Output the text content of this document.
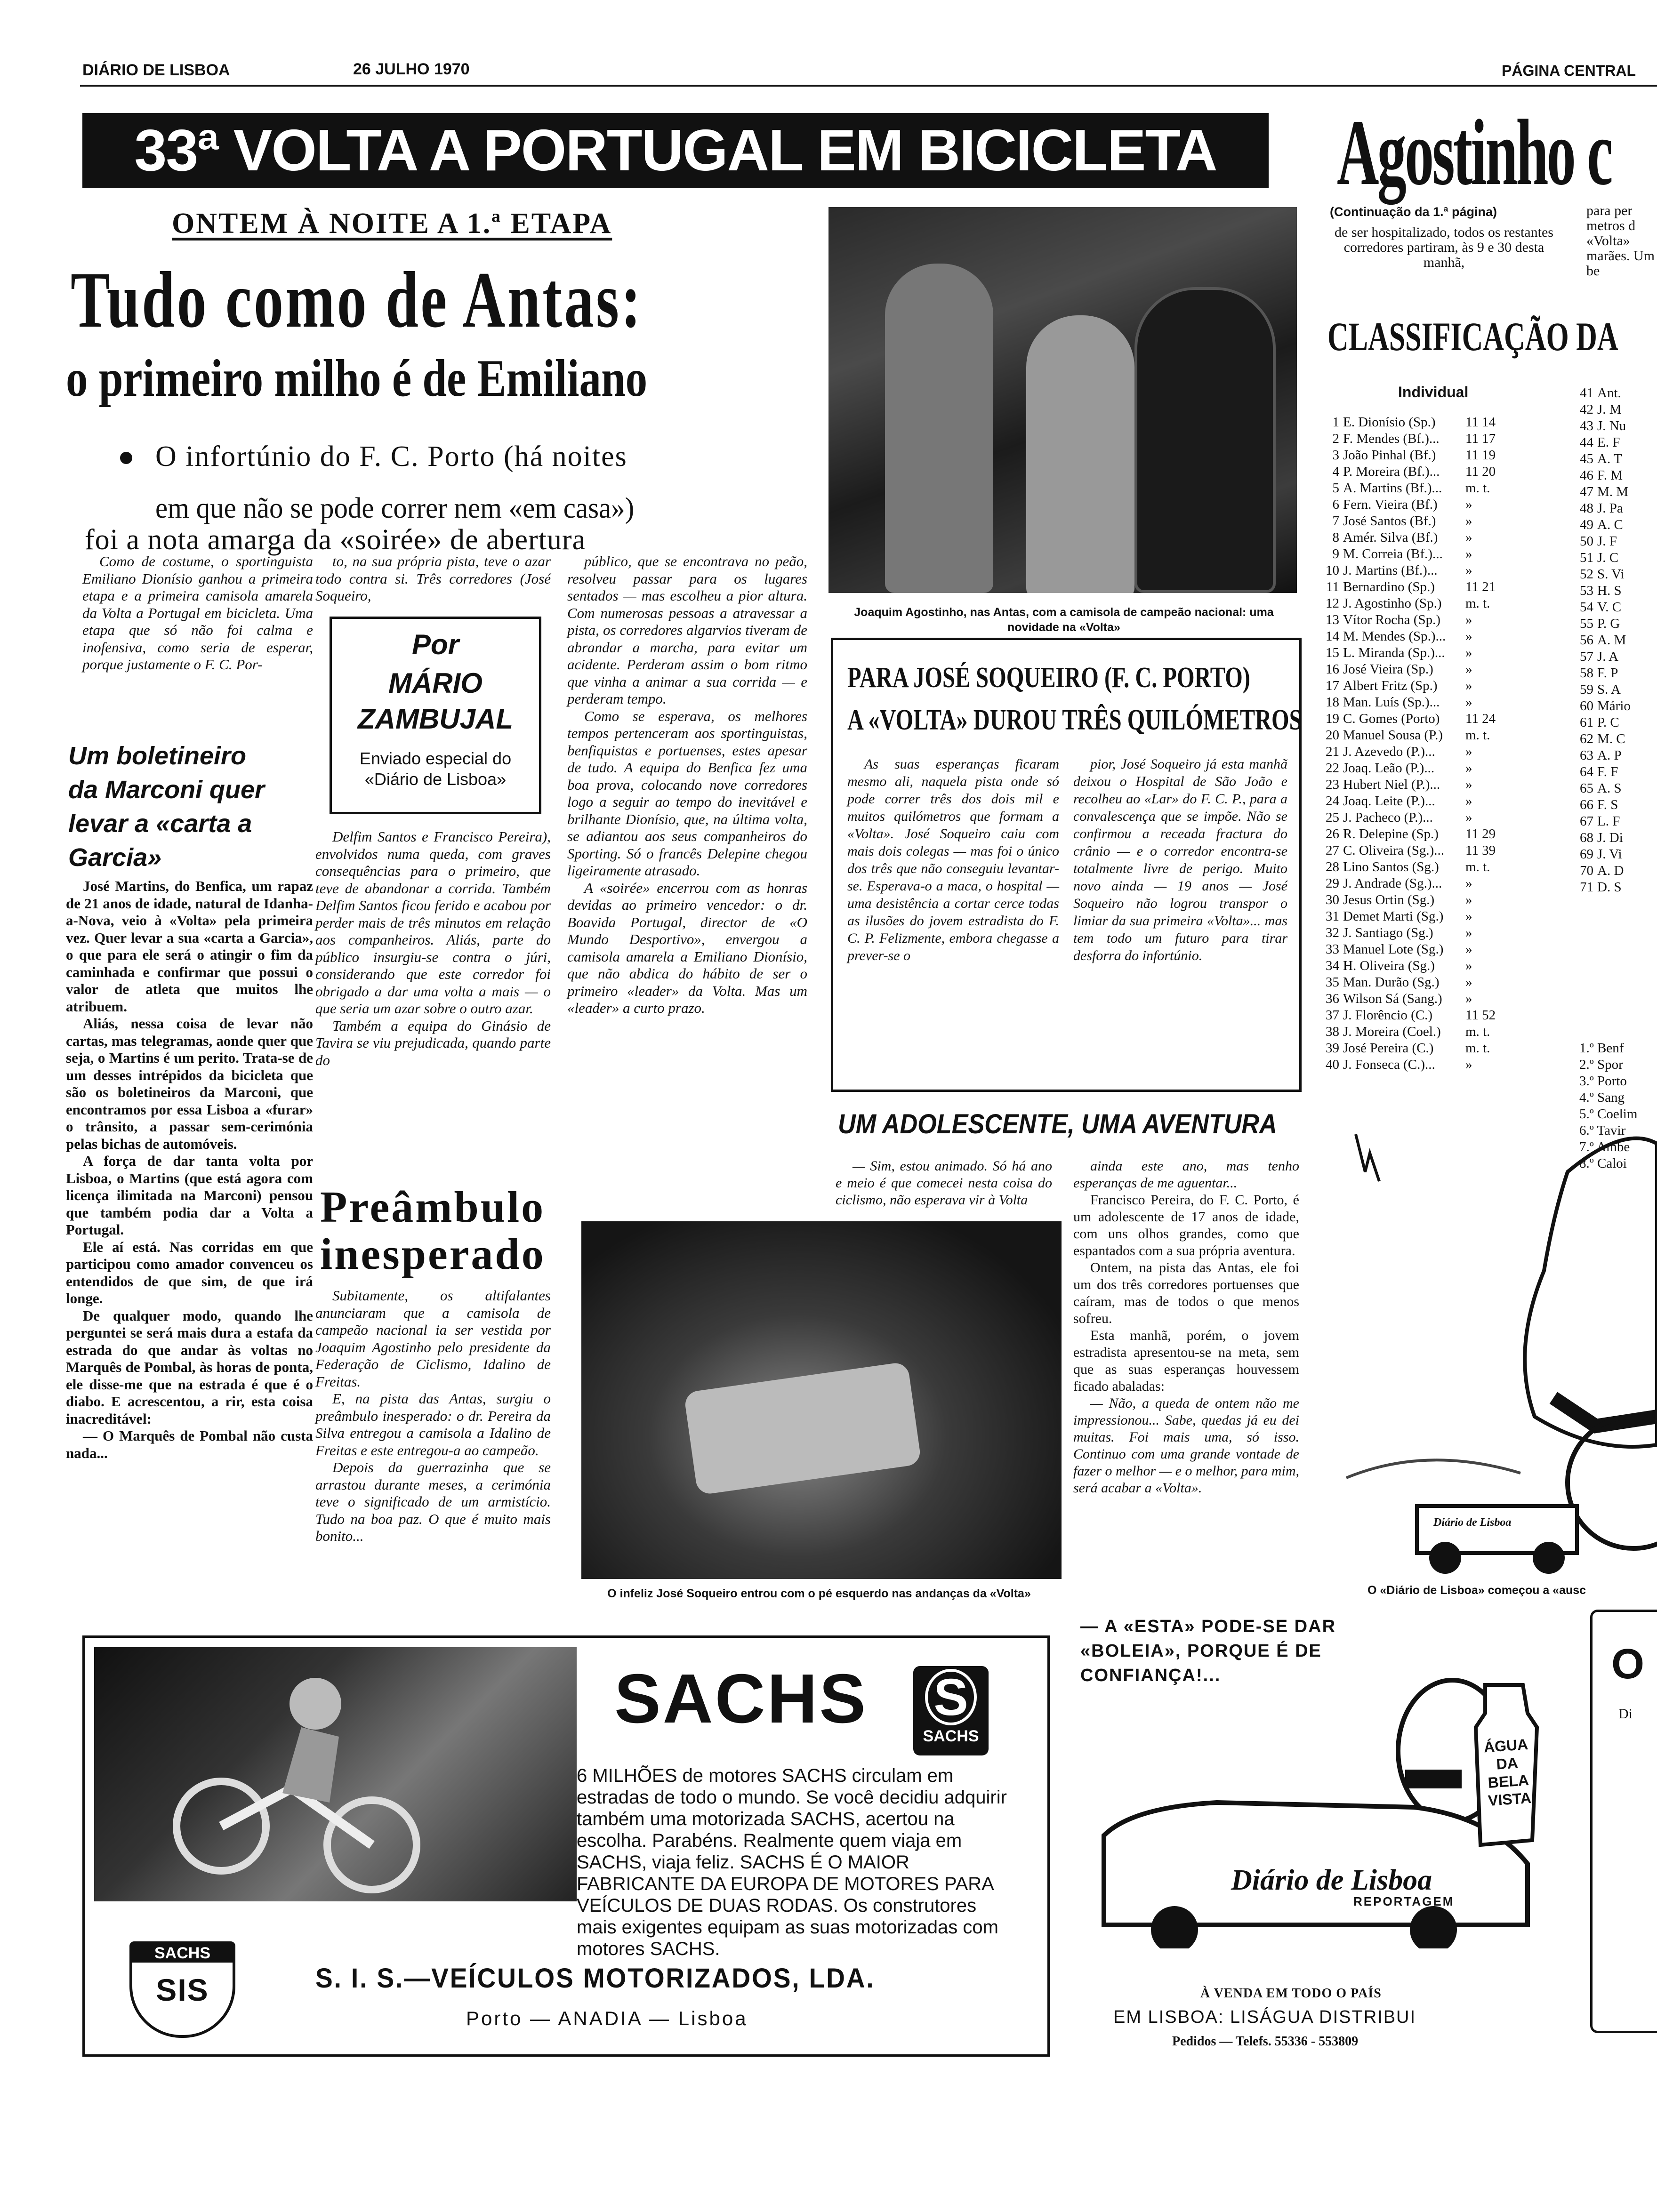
DIÁRIO DE LISBOA	26 JULHO 1970	PÁGINA CENTRAL
33ª VOLTA A PORTUGAL EM BICICLETA Agostinho c
ONTEM À NOITE A 1.ª ETAPA
Tudo como de Antas:
o primeiro milho é de Emiliano
O infortúnio do F. C. Porto (há noites
em que não se pode correr nem «em casa»)
foi a nota amarga da «soirée» de abertura
Joaquim Agostinho, nas Antas, com a camisola de campeão nacional: uma novidade na «Volta»

Como de costume, o sportinguista Emiliano Dionísio ganhou a primeira etapa e a primeira camisola amarela da Volta a Portugal em bicicleta. Uma etapa que só não foi calma e inofensiva, como seria de esperar, porque justamente o F. C. Por-

Um boletineiro da Marconi quer levar a «carta a Garcia»

José Martins, do Benfica, um rapaz de 21 anos de idade, natural de Idanha-a-Nova, veio à «Volta» pela primeira vez. Quer levar a sua «carta a Garcia», o que para ele será o atingir o fim da caminhada e confirmar que possui o valor de atleta que muitos lhe atribuem.

Aliás, nessa coisa de levar não cartas, mas telegramas, aonde quer que seja, o Martins é um perito. Trata-se de um desses intrépidos da bicicleta que são os boletineiros da Marconi, que encontramos por essa Lisboa a «furar» o trânsito, a passar sem-cerimónia pelas bichas de automóveis.

A força de dar tanta volta por Lisboa, o Martins (que está agora com licença ilimitada na Marconi) pensou que também podia dar a Volta a Portugal.

Ele aí está. Nas corridas em que participou como amador convenceu os entendidos de que sim, de que irá longe.

De qualquer modo, quando lhe perguntei se será mais dura a estafa da estrada do que andar às voltas no Marquês de Pombal, às horas de ponta, ele disse-me que na estrada é que é o diabo. E acrescentou, a rir, esta coisa inacreditável:

— O Marquês de Pombal não custa nada...

to, na sua própria pista, teve o azar todo contra si. Três corredores (José Soqueiro,

Por
MÁRIO ZAMBUJAL
Enviado especial do «Diário de Lisboa»

Delfim Santos e Francisco Pereira), envolvidos numa queda, com graves consequências para o primeiro, que teve de abandonar a corrida. Também Delfim Santos ficou ferido e acabou por perder mais de três minutos em relação aos companheiros. Aliás, parte do público insurgiu-se contra o júri, considerando que este corredor foi obrigado a dar uma volta a mais — o que seria um azar sobre o outro azar.

Também a equipa do Ginásio de Tavira se viu prejudicada, quando parte do

Preâmbulo inesperado

Subitamente, os altifalantes anunciaram que a camisola de campeão nacional ia ser vestida por Joaquim Agostinho pelo presidente da Federação de Ciclismo, Idalino de Freitas.

E, na pista das Antas, surgiu o preâmbulo inesperado: o dr. Pereira da Silva entregou a camisola a Idalino de Freitas e este entregou-a ao campeão.

Depois da guerrazinha que se arrastou durante meses, a cerimónia teve o significado de um armistício. Tudo na boa paz. O que é muito mais bonito...

público, que se encontrava no peão, resolveu passar para os lugares sentados — mas escolheu a pior altura. Com numerosas pessoas a atravessar a pista, os corredores algarvios tiveram de abrandar a marcha, para evitar um acidente. Perderam assim o bom ritmo que vinha a animar a sua corrida — e perderam tempo.

Como se esperava, os melhores tempos pertenceram aos sportinguistas, benfiquistas e portuenses, estes apesar de tudo. A equipa do Benfica fez uma boa prova, colocando nove corredores logo a seguir ao tempo do inevitável e brilhante Dionísio, que, na última volta, se adiantou aos seus companheiros do Sporting. Só o francês Delepine chegou ligeiramente atrasado.

A «soirée» encerrou com as honras devidas ao primeiro vencedor: o dr. Boavida Portugal, director de «O Mundo Desportivo», envergou a camisola amarela a Emiliano Dionísio, que não abdica do hábito de ser o primeiro «leader» da Volta. Mas um «leader» a curto prazo.

PARA JOSÉ SOQUEIRO (F. C. PORTO)
A «VOLTA» DUROU TRÊS QUILÓMETROS

As suas esperanças ficaram mesmo ali, naquela pista onde só pode correr três dos dois mil e muitos quilómetros que formam a «Volta». José Soqueiro caiu com mais dois colegas — mas foi o único dos três que não conseguiu levantar-se. Esperava-o a maca, o hospital — uma desistência a cortar cerce todas as ilusões do jovem estradista do F. C. P. Felizmente, embora chegasse a prever-se o

pior, José Soqueiro já esta manhã deixou o Hospital de São João e recolheu ao «Lar» do F. C. P., para a convalescença que se impõe. Não se confirmou a receada fractura do crânio — e o corredor encontra-se totalmente livre de perigo. Muito novo ainda — 19 anos — José Soqueiro não logrou transpor o limiar da sua primeira «Volta»... mas tem todo um futuro para tirar desforra do infortúnio.

UM ADOLESCENTE, UMA AVENTURA

— Sim, estou animado. Só há ano e meio é que comecei nesta coisa do ciclismo, não esperava vir à Volta

ainda este ano, mas tenho esperanças de me aguentar...

Francisco Pereira, do F. C. Porto, é um adolescente de 17 anos de idade, com uns olhos grandes, como que espantados com a sua própria aventura.

Ontem, na pista das Antas, ele foi um dos três corredores portuenses que caíram, mas de todos o que menos sofreu.

Esta manhã, porém, o jovem estradista apresentou-se na meta, sem que as suas esperanças houvessem ficado abaladas:

— Não, a queda de ontem não me impressionou... Sabe, quedas já eu dei muitas. Foi mais uma, só isso. Continuo com uma grande vontade de fazer o melhor — e o melhor, para mim, será acabar a «Volta».

O infeliz José Soqueiro entrou com o pé esquerdo nas andanças da «Volta»
(Continuação da 1.ª página)
de ser hospitalizado, todos os restantes corredores partiram, às 9 e 30 desta manhã,
para per metros d «Volta» marães. Um be
CLASSIFICAÇÃO DA
Individual
1 E. Dionísio (Sp.)	11 14
2 F. Mendes (Bf.)...	11 17
3 João Pinhal (Bf.)	11 19
4 P. Moreira (Bf.)...	11 20
5 A. Martins (Bf.)...	m. t.
6 Fern. Vieira (Bf.)	»
7 José Santos (Bf.)	»
8 Amér. Silva (Bf.)	»
9 M. Correia (Bf.)...	»
10 J. Martins (Bf.)...	»
11 Bernardino (Sp.)	11 21
12 J. Agostinho (Sp.)	m. t.
13 Vítor Rocha (Sp.)	»
14 M. Mendes (Sp.)...	»
15 L. Miranda (Sp.)...	»
16 José Vieira (Sp.)	»
17 Albert Fritz (Sp.)	»
18 Man. Luís (Sp.)...	»
19 C. Gomes (Porto)	11 24
20 Manuel Sousa (P.)	m. t.
21 J. Azevedo (P.)...	»
22 Joaq. Leão (P.)...	»
23 Hubert Niel (P.)...	»
24 Joaq. Leite (P.)...	»
25 J. Pacheco (P.)...	»
26 R. Delepine (Sp.)	11 29
27 C. Oliveira (Sg.)...	11 39
28 Lino Santos (Sg.)	m. t.
29 J. Andrade (Sg.)...	»
30 Jesus Ortin (Sg.)	»
31 Demet Marti (Sg.)	»
32 J. Santiago (Sg.)	»
33 Manuel Lote (Sg.)	»
34 H. Oliveira (Sg.)	»
35 Man. Durão (Sg.)	»
36 Wilson Sá (Sang.)	»
37 J. Florêncio (C.)	11 52
38 J. Moreira (Coel.)	m. t.
39 José Pereira (C.)	m. t.
40 J. Fonseca (C.)...	»
41 Ant.
42 J. M
43 J. Nu
44 E. F
45 A. T
46 F. M
47 M. M
48 J. Pa
49 A. C
50 J. F
51 J. C
52 S. Vi
53 H. S
54 V. C
55 P. G
56 A. M
57 J. A
58 F. P
59 S. A
60 Mário
61 P. C
62 M. C
63 A. P
64 F. F
65 A. S
66 F. S
67 L. F
68 J. Di
69 J. Vi
70 A. D
71 D. S
1.º Benf
2.º Spor
3.º Porto
4.º Sang
5.º Coelim
6.º Tavir
7.º Ambe
8.º Caloi
Diário de Lisboa
O «Diário de Lisboa» começou a «ausc
SACHS S
SACHS
6 MILHÕES de motores SACHS circulam em estradas de todo o mundo. Se você decidiu adquirir também uma motorizada SACHS, acertou na escolha. Parabéns. Realmente quem viaja em SACHS, viaja feliz. SACHS É O MAIOR FABRICANTE DA EUROPA DE MOTORES PARA VEÍCULOS DE DUAS RODAS. Os construtores mais exigentes equipam as suas motorizadas com motores SACHS.
SACHS
SIS	S. I. S.—VEÍCULOS MOTORIZADOS, LDA.
Porto — ANADIA — Lisboa
— A «ESTA» PODE-SE DAR «BOLEIA», PORQUE É DE CONFIANÇA!...
ÁGUA DA BELA VISTA
Diário de Lisboa
REPORTAGEM
À VENDA EM TODO O PAÍS
EM LISBOA: LISÁGUA DISTRIBUI
Pedidos — Telefs. 55336 - 553809
O
Di
